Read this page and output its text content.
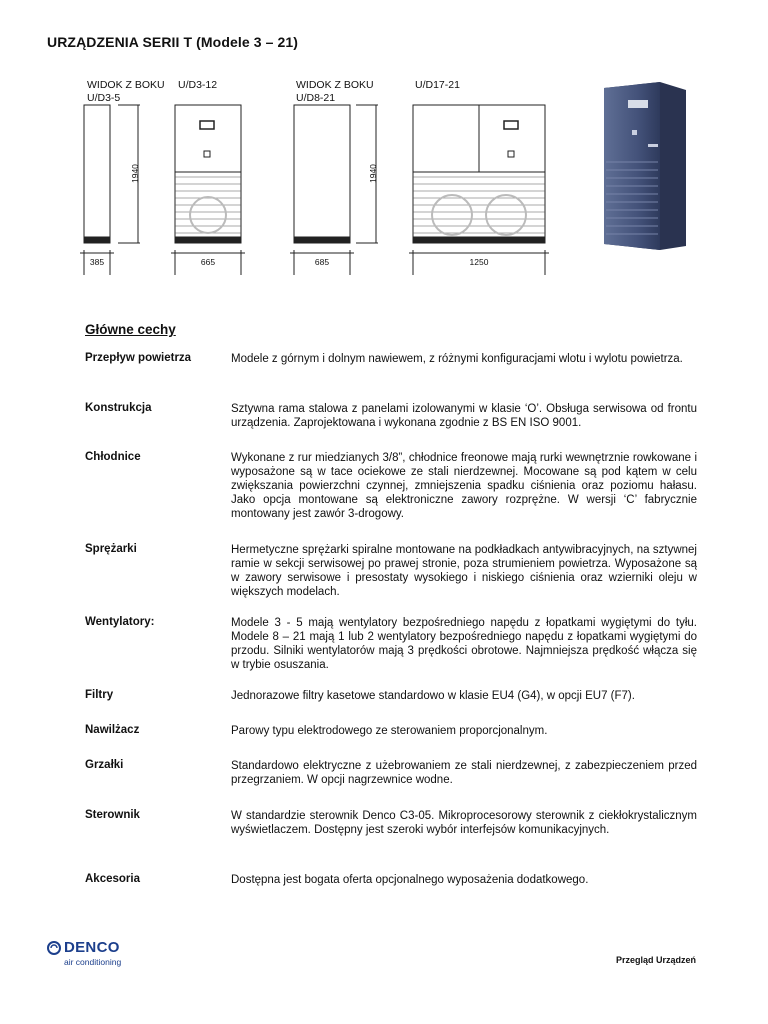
URZĄDZENIA SERII T (Modele 3 – 21)
WIDOK Z BOKU U/D3-12
U/D3-5
WIDOK Z BOKU
U/D8-21
U/D17-21
1940	1940
385	665	685	1250
Główne cechy
Przepływ powietrza	Modele z górnym i dolnym nawiewem, z różnymi konfiguracjami wlotu i wylotu powietrza.
Konstrukcja	Sztywna rama stalowa z panelami izolowanymi w klasie ‘O’. Obsługa serwisowa od frontu urządzenia. Zaprojektowana i wykonana zgodnie z BS EN ISO 9001.
Chłodnice	Wykonane z rur miedzianych 3/8”, chłodnice freonowe mają rurki wewnętrznie rowkowane i wyposażone są w tace ociekowe ze stali nierdzewnej. Mocowane są pod kątem w celu zwiększania powierzchni czynnej, zmniejszenia spadku ciśnienia oraz poziomu hałasu. Jako opcja montowane są elektroniczne zawory rozprężne. W wersji ‘C’ fabrycznie montowany jest zawór 3-drogowy.
Sprężarki	Hermetyczne sprężarki spiralne montowane na podkładkach antywibracyjnych, na sztywnej ramie w sekcji serwisowej po prawej stronie, poza strumieniem powietrza. Wyposażone są w zawory serwisowe i presostaty wysokiego i niskiego ciśnienia oraz wzierniki oleju w większych modelach.
Wentylatory:	Modele 3 - 5 mają wentylatory bezpośredniego napędu z łopatkami wygiętymi do tyłu. Modele 8 – 21 mają 1 lub 2 wentylatory bezpośredniego napędu z łopatkami wygiętymi do przodu. Silniki wentylatorów mają 3 prędkości obrotowe. Najmniejsza prędkość włącza się w trybie osuszania.
Filtry	Jednorazowe filtry kasetowe standardowo w klasie EU4 (G4), w opcji EU7 (F7).
Nawilżacz	Parowy typu elektrodowego ze sterowaniem proporcjonalnym.
Grzałki	Standardowo elektryczne z użebrowaniem ze stali nierdzewnej, z zabezpieczeniem przed przegrzaniem. W opcji nagrzewnice wodne.
Sterownik	W standardzie sterownik Denco C3-05. Mikroprocesorowy sterownik z ciekłokrystalicznym wyświetlaczem. Dostępny jest szeroki wybór interfejsów komunikacyjnych.
Akcesoria	Dostępna jest bogata oferta opcjonalnego wyposażenia dodatkowego.
DENCO
air conditioning	Przegląd Urządzeń
